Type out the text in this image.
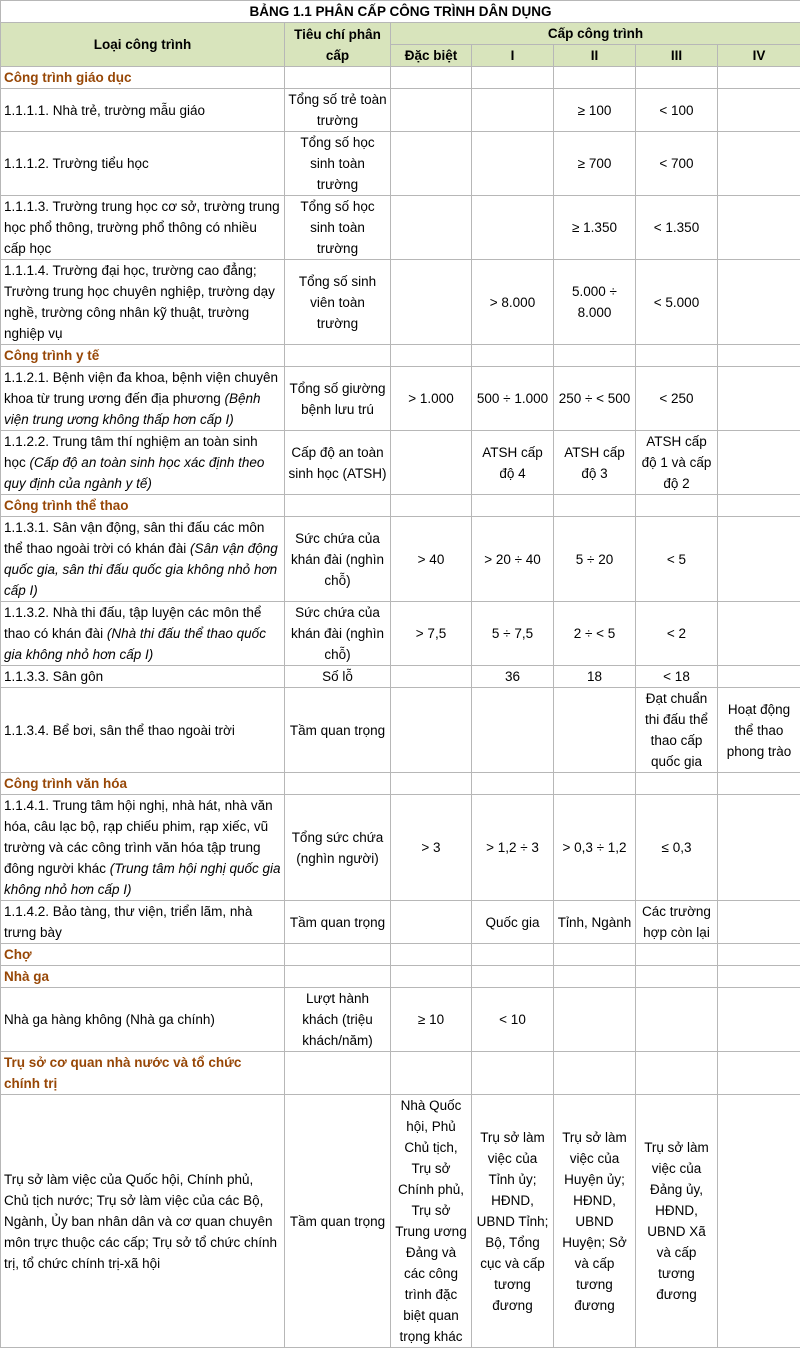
BẢNG 1.1 PHÂN CẤP CÔNG TRÌNH DÂN DỤNG						
Loại công trình	Tiêu chí phân cấp	Cấp công trình				
		Đặc biệt	I	II	III	IV
Công trình giáo dục						
1.1.1.1. Nhà trẻ, trường mẫu giáo	Tổng số trẻ toàn trường			≥ 100	< 100	
1.1.1.2. Trường tiểu học	Tổng số học sinh toàn trường			≥ 700	< 700	
1.1.1.3. Trường trung học cơ sở, trường trung học phổ thông, trường phổ thông có nhiều cấp học	Tổng số học sinh toàn trường			≥ 1.350	< 1.350	
1.1.1.4. Trường đại học, trường cao đẳng; Trường trung học chuyên nghiệp, trường dạy nghề, trường công nhân kỹ thuật, trường nghiệp vụ	Tổng số sinh viên toàn trường		> 8.000	5.000 ÷ 8.000	< 5.000	
Công trình y tế						
1.1.2.1. Bệnh viện đa khoa, bệnh viện chuyên khoa từ trung ương đến địa phương (Bệnh viện trung ương không thấp hơn cấp I)	Tổng số giường bệnh lưu trú	> 1.000	500 ÷ 1.000	250 ÷ < 500	< 250	
1.1.2.2. Trung tâm thí nghiệm an toàn sinh học (Cấp độ an toàn sinh học xác định theo quy định của ngành y tế)	Cấp độ an toàn sinh học (ATSH)		ATSH cấp độ 4	ATSH cấp độ 3	ATSH cấp độ 1 và cấp độ 2	
Công trình thể thao						
1.1.3.1. Sân vận động, sân thi đấu các môn thể thao ngoài trời có khán đài (Sân vận động quốc gia, sân thi đấu quốc gia không nhỏ hơn cấp I)	Sức chứa của khán đài (nghìn chỗ)	> 40	> 20 ÷ 40	5 ÷ 20	< 5	
1.1.3.2. Nhà thi đấu, tập luyện các môn thể thao có khán đài (Nhà thi đấu thể thao quốc gia không nhỏ hơn cấp I)	Sức chứa của khán đài (nghìn chỗ)	> 7,5	5 ÷ 7,5	2 ÷ < 5	< 2	
1.1.3.3. Sân gôn	Số lỗ		36	18	< 18	
1.1.3.4. Bể bơi, sân thể thao ngoài trời	Tầm quan trọng				Đạt chuẩn thi đấu thể thao cấp quốc gia	Hoạt động thể thao phong trào
Công trình văn hóa						
1.1.4.1. Trung tâm hội nghị, nhà hát, nhà văn hóa, câu lạc bộ, rạp chiếu phim, rạp xiếc, vũ trường và các công trình văn hóa tập trung đông người khác (Trung tâm hội nghị quốc gia không nhỏ hơn cấp I)	Tổng sức chứa (nghìn người)	> 3	> 1,2 ÷ 3	> 0,3 ÷ 1,2	≤ 0,3	
1.1.4.2. Bảo tàng, thư viện, triển lãm, nhà trưng bày	Tầm quan trọng		Quốc gia	Tỉnh, Ngành	Các trường hợp còn lại	
Chợ						
Nhà ga						
Nhà ga hàng không (Nhà ga chính)	Lượt hành khách (triệu khách/năm)	≥ 10	< 10			
Trụ sở cơ quan nhà nước và tổ chức chính trị						
Trụ sở làm việc của Quốc hội, Chính phủ, Chủ tịch nước; Trụ sở làm việc của các Bộ, Ngành, Ủy ban nhân dân và cơ quan chuyên môn trực thuộc các cấp; Trụ sở tổ chức chính trị, tổ chức chính trị-xã hội	Tầm quan trọng	Nhà Quốc hội, Phủ Chủ tịch, Trụ sở Chính phủ, Trụ sở Trung ương Đảng và các công trình đặc biệt quan trọng khác	Trụ sở làm việc của Tỉnh ủy; HĐND, UBND Tỉnh; Bộ, Tổng cục và cấp tương đương	Trụ sở làm việc của Huyện ủy; HĐND, UBND Huyện; Sở và cấp tương đương	Trụ sở làm việc của Đảng ủy, HĐND, UBND Xã và cấp tương đương	
